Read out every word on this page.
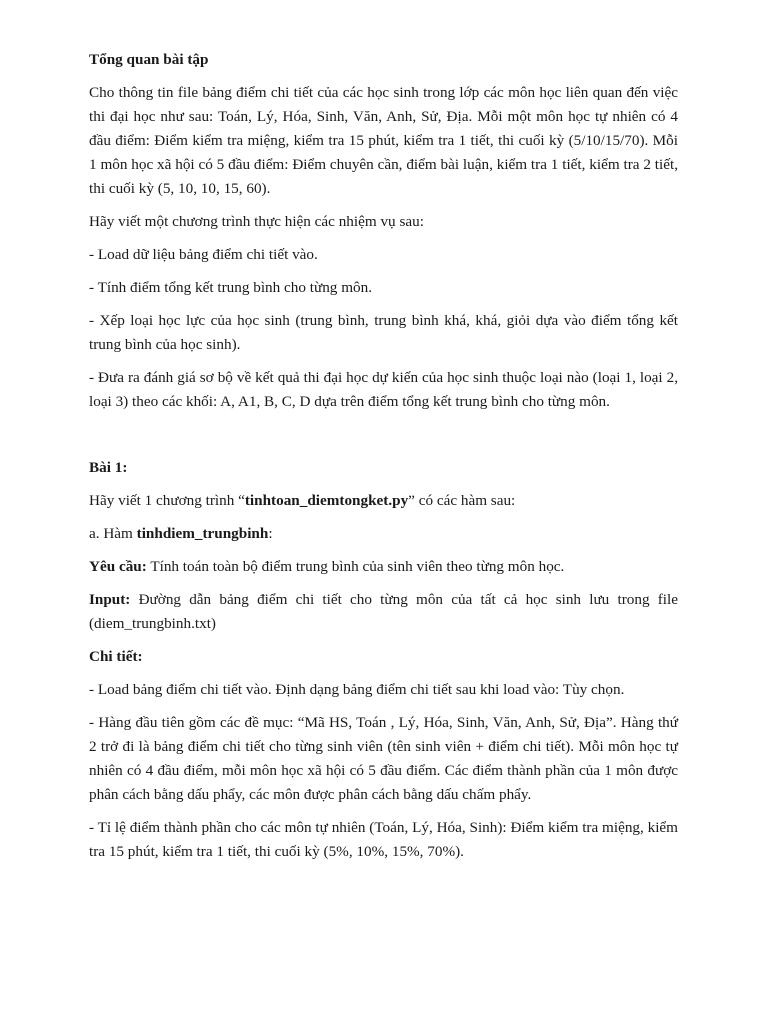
Tổng quan bài tập

Cho thông tin file bảng điểm chi tiết của các học sinh trong lớp các môn học liên quan đến việc thi đại học như sau: Toán, Lý, Hóa, Sinh, Văn, Anh, Sử, Địa. Mỗi một môn học tự nhiên có 4 đầu điểm: Điểm kiểm tra miệng, kiểm tra 15 phút, kiểm tra 1 tiết, thi cuối kỳ (5/10/15/70). Mỗi 1 môn học xã hội có 5 đầu điểm: Điểm chuyên cần, điểm bài luận, kiểm tra 1 tiết, kiểm tra 2 tiết, thi cuối kỳ (5, 10, 10, 15, 60).

Hãy viết một chương trình thực hiện các nhiệm vụ sau:

- Load dữ liệu bảng điểm chi tiết vào.

- Tính điểm tổng kết trung bình cho từng môn.

- Xếp loại học lực của học sinh (trung bình, trung bình khá, khá, giỏi dựa vào điểm tổng kết trung bình của học sinh).

- Đưa ra đánh giá sơ bộ về kết quả thi đại học dự kiến của học sinh thuộc loại nào (loại 1, loại 2, loại 3) theo các khối: A, A1, B, C, D dựa trên điểm tổng kết trung bình cho từng môn.

Bài 1:

Hãy viết 1 chương trình “tinhtoan_diemtongket.py” có các hàm sau:

a. Hàm tinhdiem_trungbinh:

Yêu cầu: Tính toán toàn bộ điểm trung bình của sinh viên theo từng môn học.

Input: Đường dẫn bảng điểm chi tiết cho từng môn của tất cả học sinh lưu trong file (diem_trungbinh.txt)

Chi tiết:

- Load bảng điểm chi tiết vào. Định dạng bảng điểm chi tiết sau khi load vào: Tùy chọn.

- Hàng đầu tiên gồm các đề mục: “Mã HS, Toán , Lý, Hóa, Sinh, Văn, Anh, Sử, Địa”. Hàng thứ 2 trở đi là bảng điểm chi tiết cho từng sinh viên (tên sinh viên + điểm chi tiết). Mỗi môn học tự nhiên có 4 đầu điểm, mỗi môn học xã hội có 5 đầu điểm. Các điểm thành phần của 1 môn được phân cách bằng dấu phẩy, các môn được phân cách bằng dấu chấm phẩy.

- Tỉ lệ điểm thành phần cho các môn tự nhiên (Toán, Lý, Hóa, Sinh): Điểm kiểm tra miệng, kiểm tra 15 phút, kiểm tra 1 tiết, thi cuối kỳ (5%, 10%, 15%, 70%).
